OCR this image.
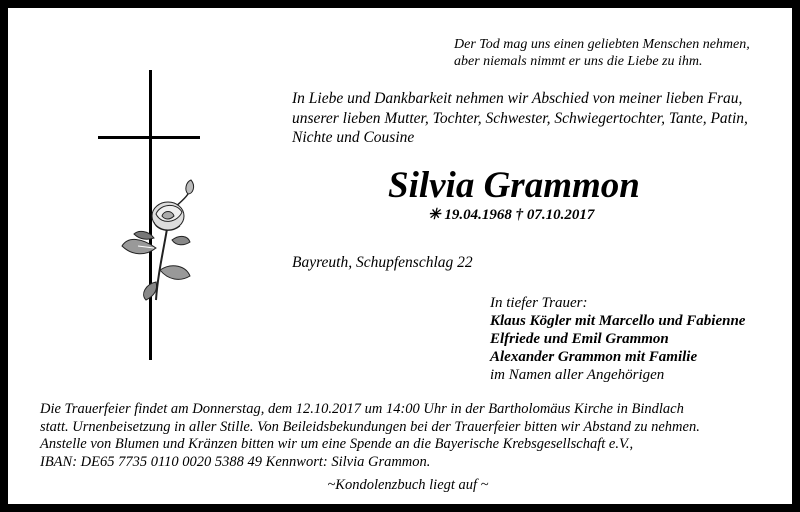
Der Tod mag uns einen geliebten Menschen nehmen,
aber niemals nimmt er uns die Liebe zu ihm.
In Liebe und Dankbarkeit nehmen wir Abschied von meiner lieben Frau,
unserer lieben Mutter, Tochter, Schwester, Schwiegertochter, Tante, Patin,
Nichte und Cousine
Silvia Grammon
✳ 19.04.1968 † 07.10.2017
Bayreuth, Schupfenschlag 22
In tiefer Trauer:
Klaus Kögler mit Marcello und Fabienne
Elfriede und Emil Grammon
Alexander Grammon mit Familie
im Namen aller Angehörigen
Die Trauerfeier findet am Donnerstag, dem 12.10.2017 um 14:00 Uhr in der Bartholomäus Kirche in Bindlach
statt. Urnenbeisetzung in aller Stille. Von Beileidsbekundungen bei der Trauerfeier bitten wir Abstand zu nehmen.
Anstelle von Blumen und Kränzen bitten wir um eine Spende an die Bayerische Krebsgesellschaft e.V.,
IBAN: DE65 7735 0110 0020 5388 49 Kennwort: Silvia Grammon.
~Kondolenzbuch liegt auf ~
